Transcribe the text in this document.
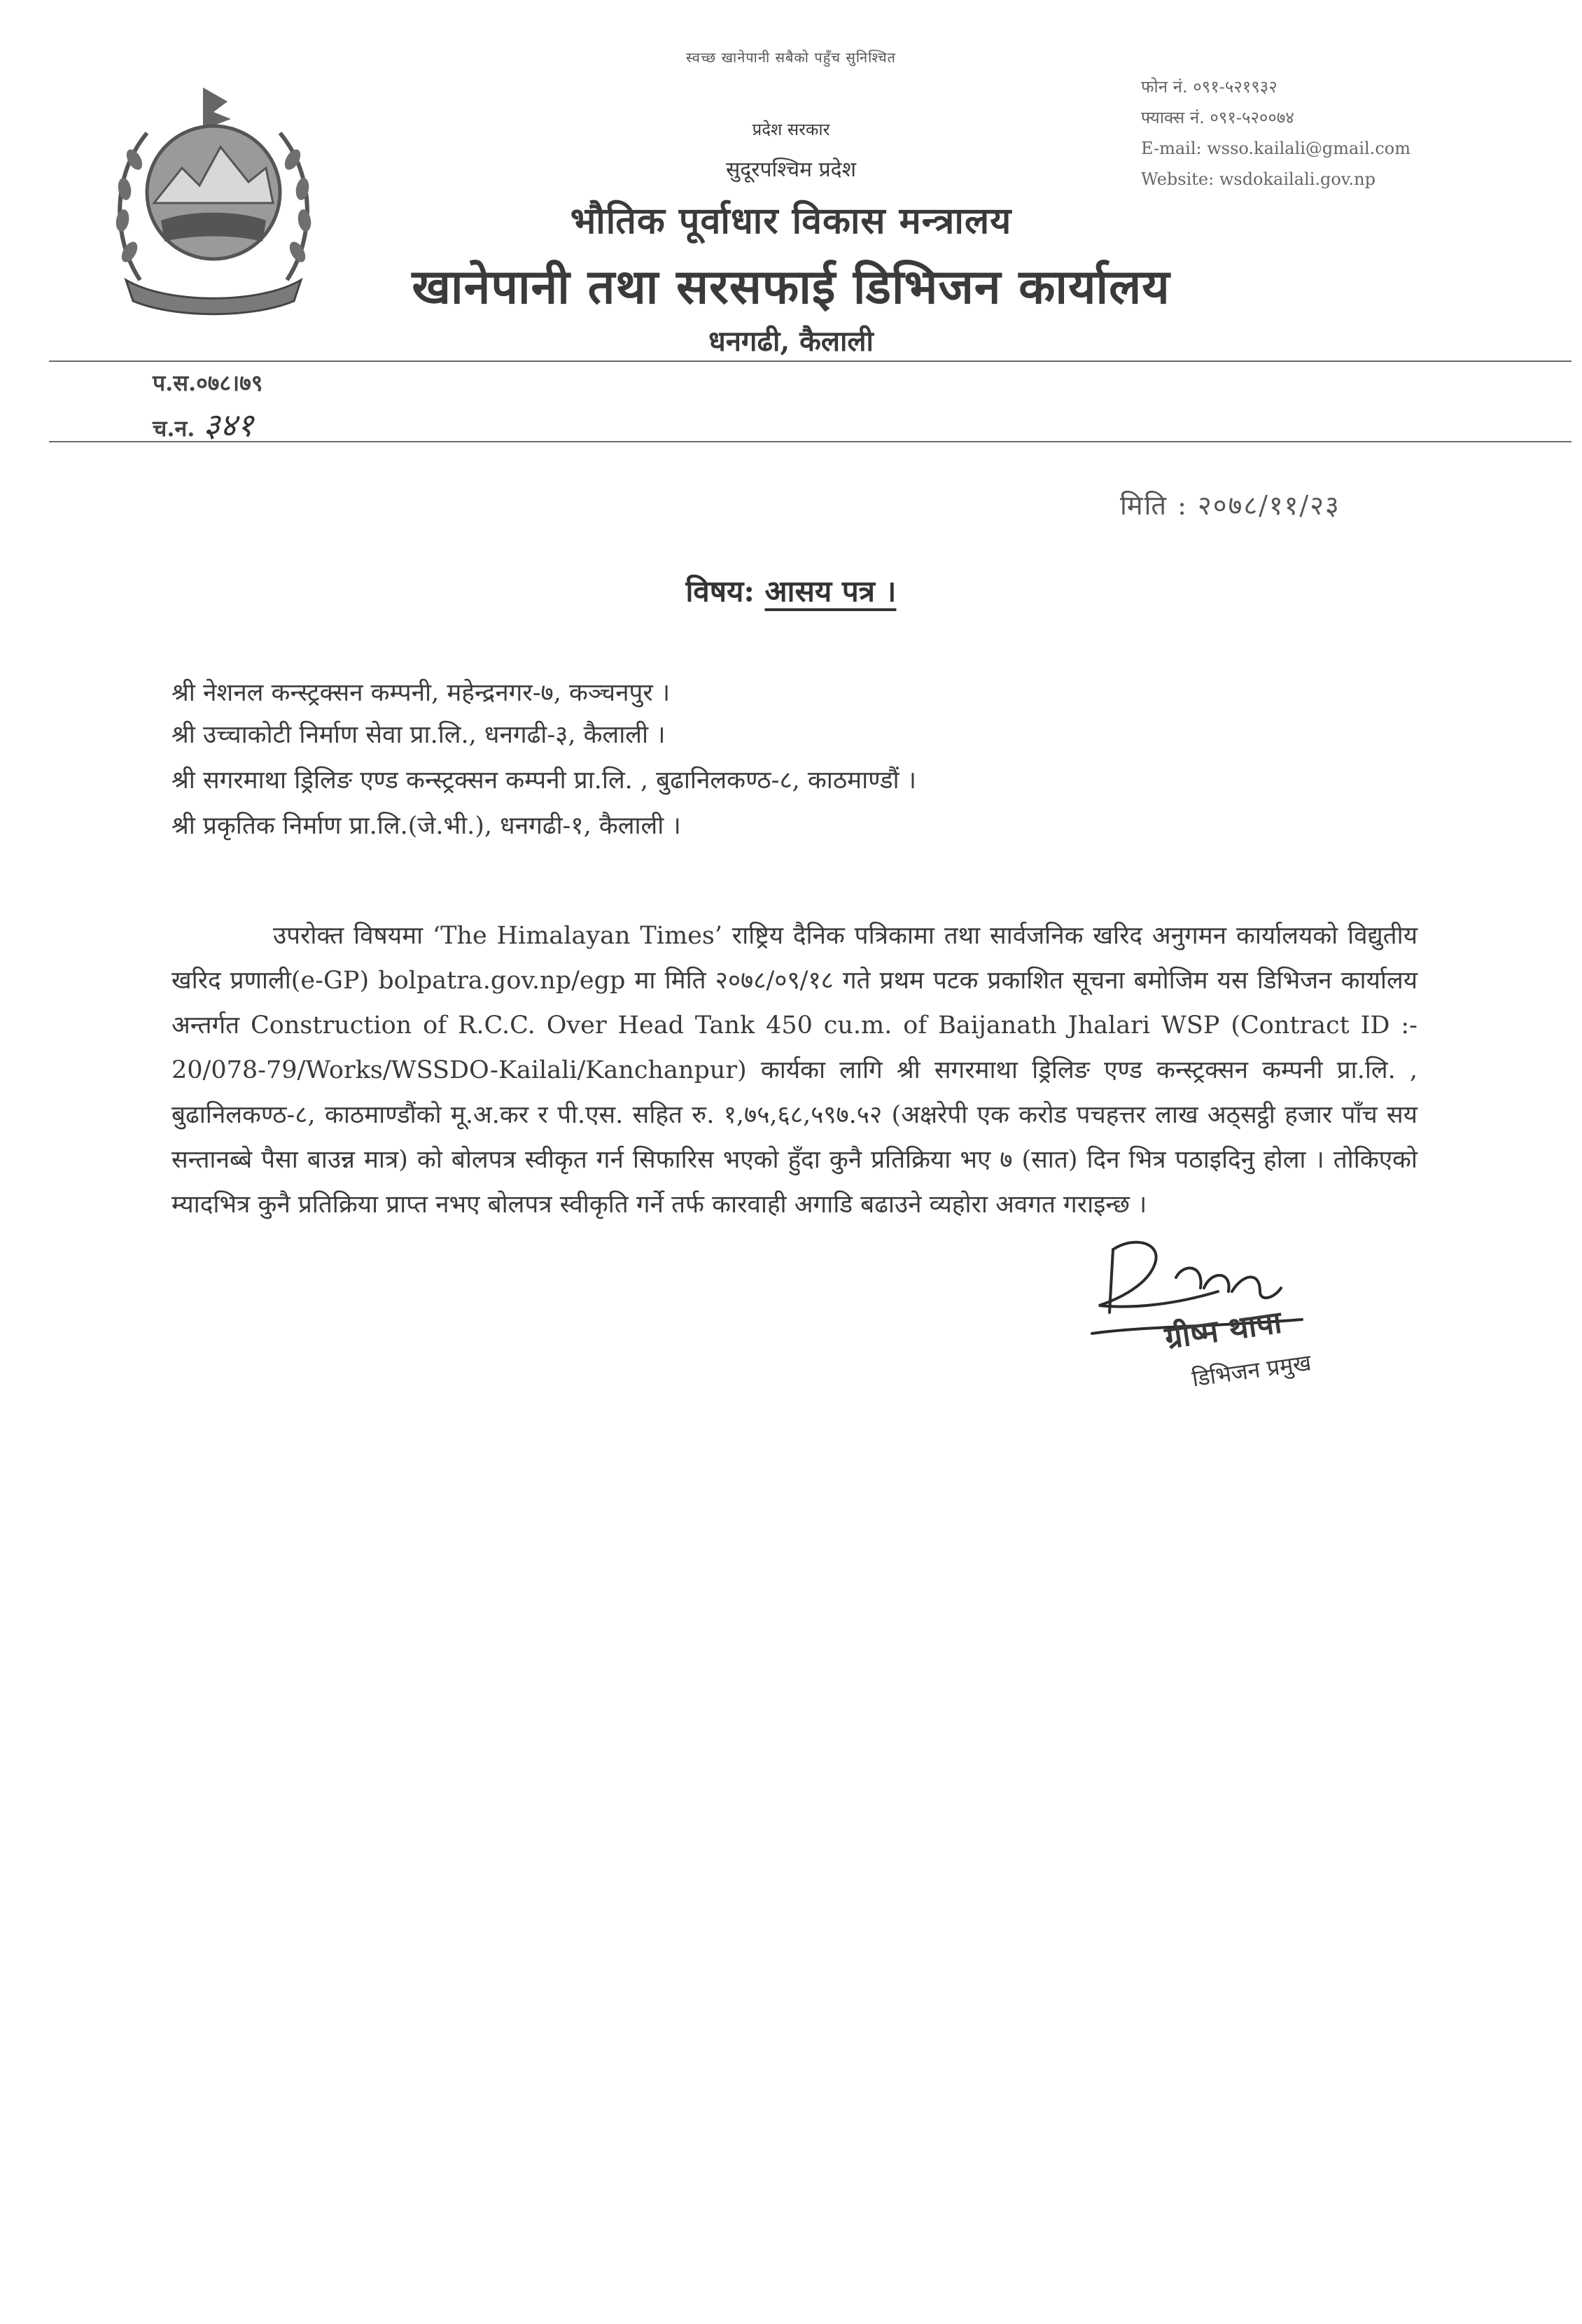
स्वच्छ खानेपानी सबैको पहुँच सुनिश्चित
प्रदेश सरकार
सुदूरपश्चिम प्रदेश
भौतिक पूर्वाधार विकास मन्त्रालय
खानेपानी तथा सरसफाई डिभिजन कार्यालय
धनगढी, कैलाली
फोन नं. ०९१-५२१९३२
फ्याक्स नं. ०९१-५२००७४
E-mail: wsso.kailali@gmail.com
Website: wsdokailali.gov.np
प.स.०७८।७९
च.न. ३४१
मिति : २०७८/११/२३
विषय: आसय पत्र ।
श्री नेशनल कन्स्ट्रक्सन कम्पनी, महेन्द्रनगर-७, कञ्चनपुर ।
श्री उच्चाकोटी निर्माण सेवा प्रा.लि., धनगढी-३, कैलाली ।
श्री सगरमाथा ड्रिलिङ एण्ड कन्स्ट्रक्सन कम्पनी प्रा.लि. , बुढानिलकण्ठ-८, काठमाण्डौं ।
श्री प्रकृतिक निर्माण प्रा.लि.(जे.भी.), धनगढी-१, कैलाली ।
उपरोक्त विषयमा ‘The Himalayan Times’ राष्ट्रिय दैनिक पत्रिकामा तथा सार्वजनिक खरिद अनुगमन कार्यालयको विद्युतीय खरिद प्रणाली(e-GP) bolpatra.gov.np/egp मा मिति २०७८/०९/१८ गते प्रथम पटक प्रकाशित सूचना बमोजिम यस डिभिजन कार्यालय अन्तर्गत Construction of R.C.C. Over Head Tank 450 cu.m. of Baijanath Jhalari WSP (Contract ID :- 20/078-79/Works/WSSDO-Kailali/Kanchanpur) कार्यका लागि श्री सगरमाथा ड्रिलिङ एण्ड कन्स्ट्रक्सन कम्पनी प्रा.लि. , बुढानिलकण्ठ-८, काठमाण्डौंको मू.अ.कर र पी.एस. सहित रु. १,७५,६८,५९७.५२ (अक्षरेपी एक करोड पचहत्तर लाख अठ्सट्ठी हजार पाँच सय सन्तानब्बे पैसा बाउन्न मात्र) को बोलपत्र स्वीकृत गर्न सिफारिस भएको हुँदा कुनै प्रतिक्रिया भए ७ (सात) दिन भित्र पठाइदिनु होला । तोकिएको म्यादभित्र कुनै प्रतिक्रिया प्राप्त नभए बोलपत्र स्वीकृति गर्ने तर्फ कारवाही अगाडि बढाउने व्यहोरा अवगत गराइन्छ ।
ग्रीष्म थापा
डिभिजन प्रमुख
